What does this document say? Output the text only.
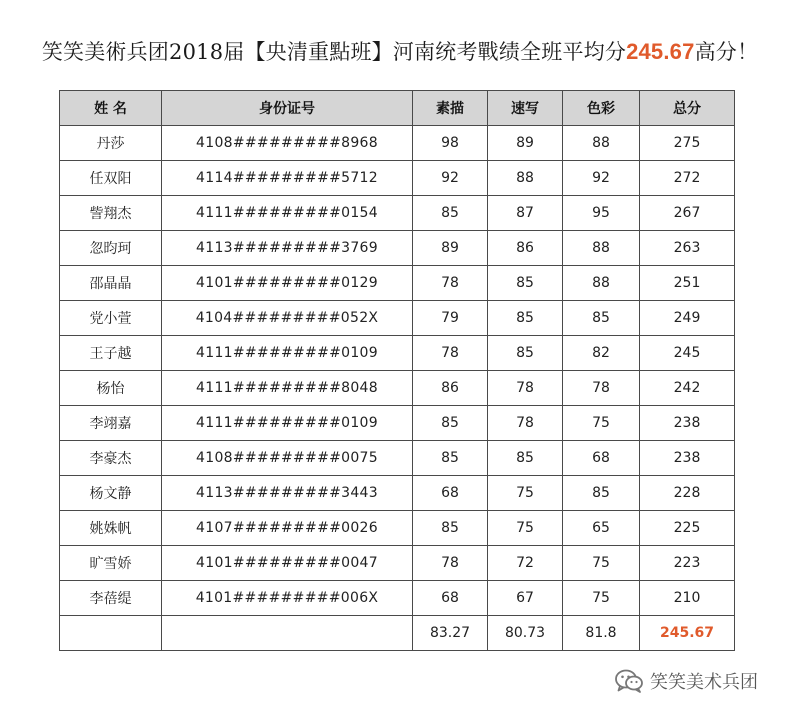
笑笑美術兵团2018届【央清重點班】河南统考戰绩全班平均分245.67高分！
姓 名	身份证号	素描	速写	色彩	总分
丹莎	4108#########8968	98	89	88	275
任双阳	4114#########5712	92	88	92	272
訾翔杰	4111#########0154	85	87	95	267
忽昀珂	4113#########3769	89	86	88	263
邵晶晶	4101#########0129	78	85	88	251
党小萱	4104#########052X	79	85	85	249
王子越	4111#########0109	78	85	82	245
杨怡	4111#########8048	86	78	78	242
李翊嘉	4111#########0109	85	78	75	238
李豪杰	4108#########0075	85	85	68	238
杨文静	4113#########3443	68	75	85	228
姚姝帆	4107#########0026	85	75	65	225
旷雪娇	4101#########0047	78	72	75	223
李蓓缇	4101#########006X	68	67	75	210
		83.27	80.73	81.8	245.67
笑笑美术兵团
